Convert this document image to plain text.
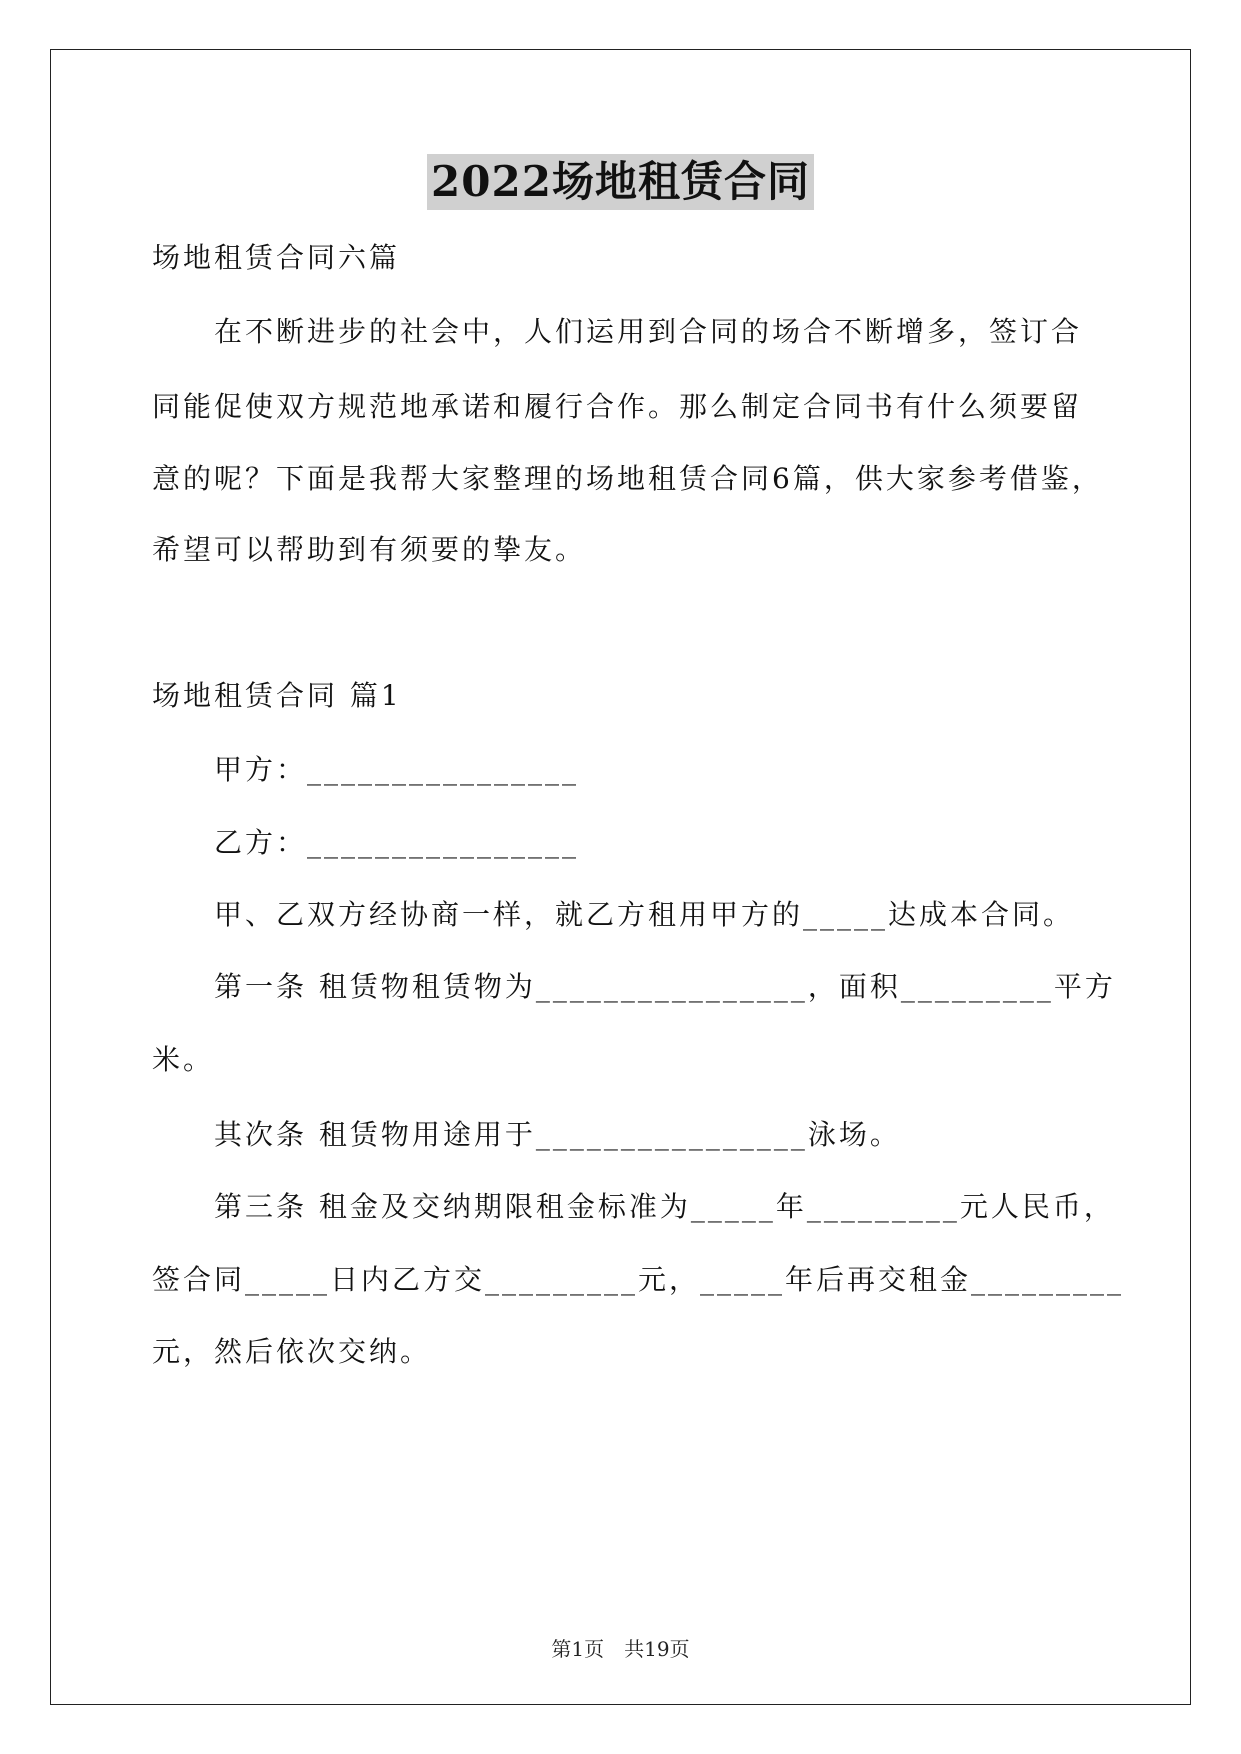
2022场地租赁合同
场地租赁合同六篇
在不断进步的社会中，人们运用到合同的场合不断增多，签订合
同能促使双方规范地承诺和履行合作。那么制定合同书有什么须要留
意的呢？下面是我帮大家整理的场地租赁合同6篇，供大家参考借鉴，
希望可以帮助到有须要的挚友。
场地租赁合同 篇1
甲方：________________
乙方：________________
甲、乙双方经协商一样，就乙方租用甲方的_____达成本合同。
第一条 租赁物租赁物为________________，面积_________平方
米。
其次条 租赁物用途用于________________泳场。
第三条 租金及交纳期限租金标准为_____年_________元人民币，
签合同_____日内乙方交_________元，_____年后再交租金_________
元，然后依次交纳。
第1页　共19页
